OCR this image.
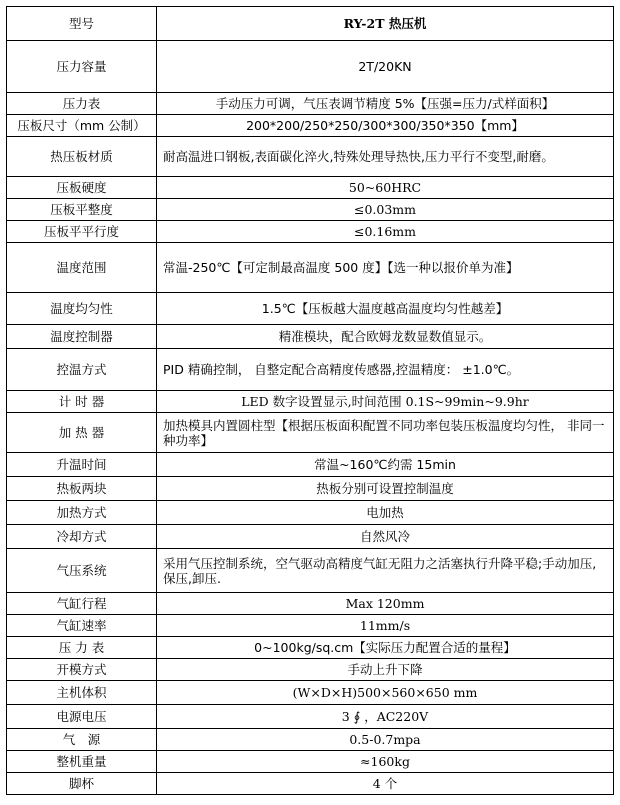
型号	RY-2T 热压机
压力容量	2T/20KN
压力表	手动压力可调，气压表调节精度 5%【压强=压力/式样面积】
压板尺寸（mm 公制）	200*200/250*250/300*300/350*350【mm】
热压板材质	耐高温进口钢板,表面碳化淬火,特殊处理导热快,压力平行不变型,耐磨。
压板硬度	50~60HRC
压板平整度	≤0.03mm
压板平平行度	≤0.16mm
温度范围	常温-250℃【可定制最高温度 500 度】【选一种以报价单为准】
温度均匀性	1.5℃【压板越大温度越高温度均匀性越差】
温度控制器	精准模块，配合欧姆龙数显数值显示。
控温方式	PID 精确控制， 自整定配合高精度传感器,控温精度： ±1.0℃。
计 时 器	LED 数字设置显示,时间范围 0.1S~99min~9.9hr
加 热 器	加热模具内置圆柱型【根据压板面积配置不同功率包装压板温度均匀性， 非同一种功率】
升温时间	常温~160℃约需 15min
热板两块	热板分别可设置控制温度
加热方式	电加热
冷却方式	自然风冷
气压系统	采用气压控制系统，空气驱动高精度气缸无阻力之活塞执行升降平稳;手动加压,保压,卸压.
气缸行程	Max 120mm
气缸速率	11mm/s
压 力 表	0~100kg/sq.cm【实际压力配置合适的量程】
开模方式	手动上升下降
主机体积	(W×D×H)500×560×650 mm
电源电压	3 ∮ ，AC220V
气　源	0.5-0.7mpa
整机重量	≈160kg
脚杯	4 个
